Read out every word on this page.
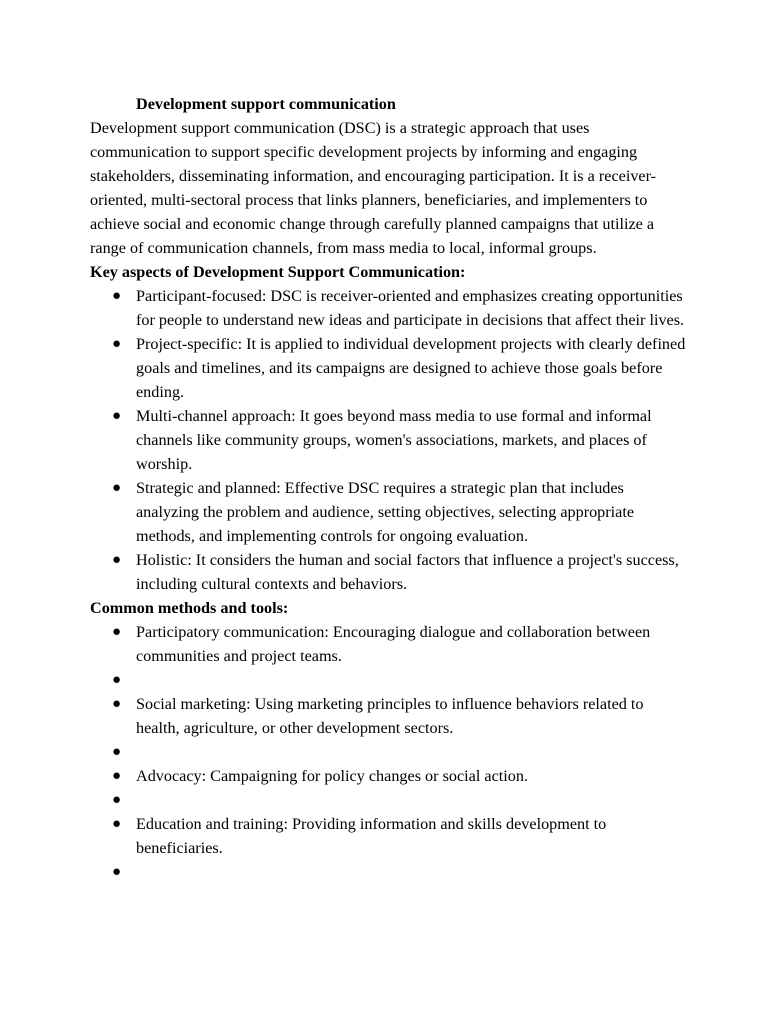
Development support communication

Development support communication (DSC) is a strategic approach that uses communication to support specific development projects by informing and engaging stakeholders, disseminating information, and encouraging participation. It is a receiver-oriented, multi-sectoral process that links planners, beneficiaries, and implementers to achieve social and economic change through carefully planned campaigns that utilize a range of communication channels, from mass media to local, informal groups.

Key aspects of Development Support Communication:

● Participant-focused: DSC is receiver-oriented and emphasizes creating opportunities for people to understand new ideas and participate in decisions that affect their lives.
● Project-specific: It is applied to individual development projects with clearly defined goals and timelines, and its campaigns are designed to achieve those goals before ending.
● Multi-channel approach: It goes beyond mass media to use formal and informal channels like community groups, women's associations, markets, and places of worship.
● Strategic and planned: Effective DSC requires a strategic plan that includes analyzing the problem and audience, setting objectives, selecting appropriate methods, and implementing controls for ongoing evaluation.
● Holistic: It considers the human and social factors that influence a project's success, including cultural contexts and behaviors.

Common methods and tools:

● Participatory communication: Encouraging dialogue and collaboration between communities and project teams.
●
● Social marketing: Using marketing principles to influence behaviors related to health, agriculture, or other development sectors.
●
● Advocacy: Campaigning for policy changes or social action.
●
● Education and training: Providing information and skills development to beneficiaries.
●
